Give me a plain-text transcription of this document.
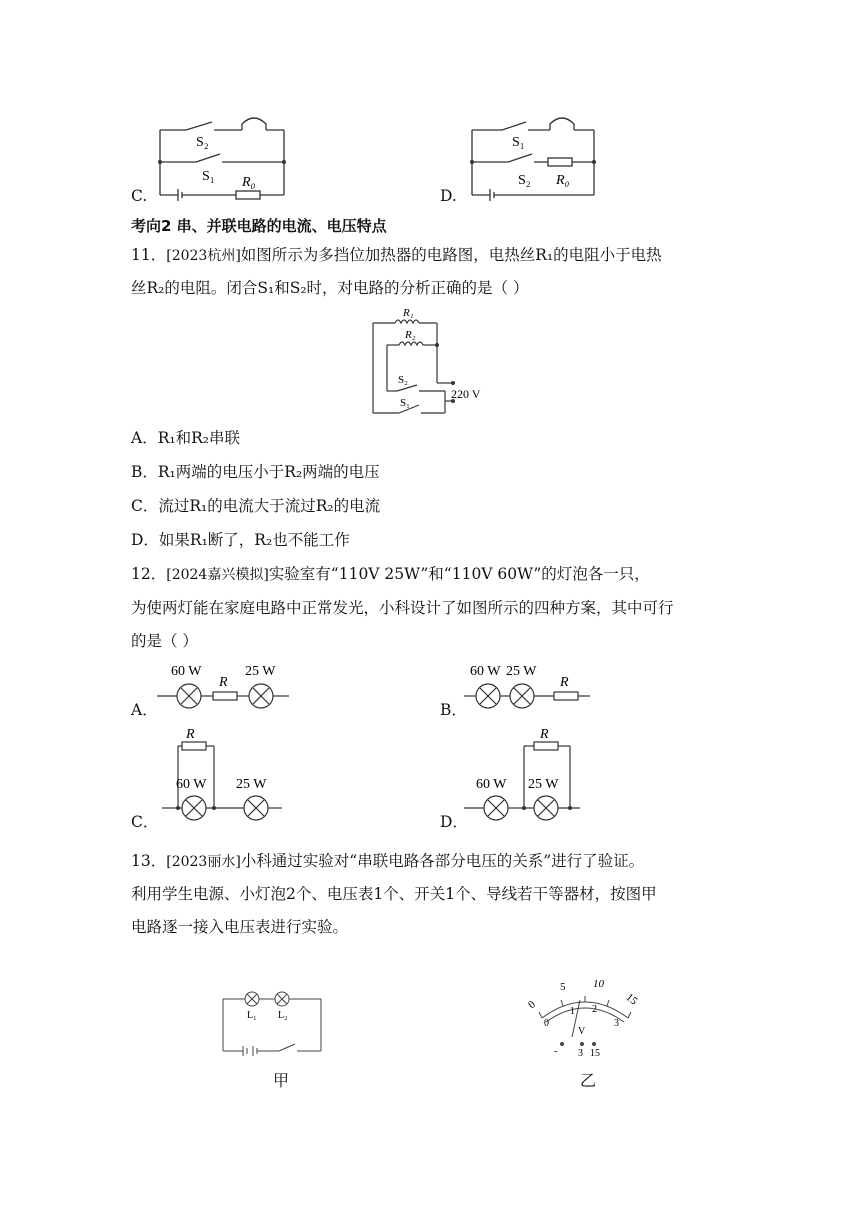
C.
S₂
S₁ R₀
D.
S₁
S₂ R₀
考向2 串、并联电路的电流、电压特点
11．[2023杭州]如图所示为多挡位加热器的电路图，电热丝R₁的电阻小于电热
丝R₂的电阻。闭合S₁和S₂时，对电路的分析正确的是（ ）
R₁
R₂
S₂
S₁
220 V
A．R₁和R₂串联
B．R₁两端的电压小于R₂两端的电压
C．流过R₁的电流大于流过R₂的电流
D．如果R₁断了，R₂也不能工作
12．[2024嘉兴模拟]实验室有“110V 25W”和“110V 60W”的灯泡各一只，
为使两灯能在家庭电路中正常发光，小科设计了如图所示的四种方案，其中可行
的是（ ）
A．
60 W
R
25 W
B．
60 W 25 W
R
C．
R
60 W 25 W
D．
R
60 W 25 W
13．[2023丽水]小科通过实验对“串联电路各部分电压的关系”进行了验证。
利用学生电源、小灯泡2个、电压表1个、开关1个、导线若干等器材，按图甲
电路逐一接入电压表进行实验。
L₁ L₂
甲
0
5	10
15
0
1 2
3
V
- 3 15
乙
